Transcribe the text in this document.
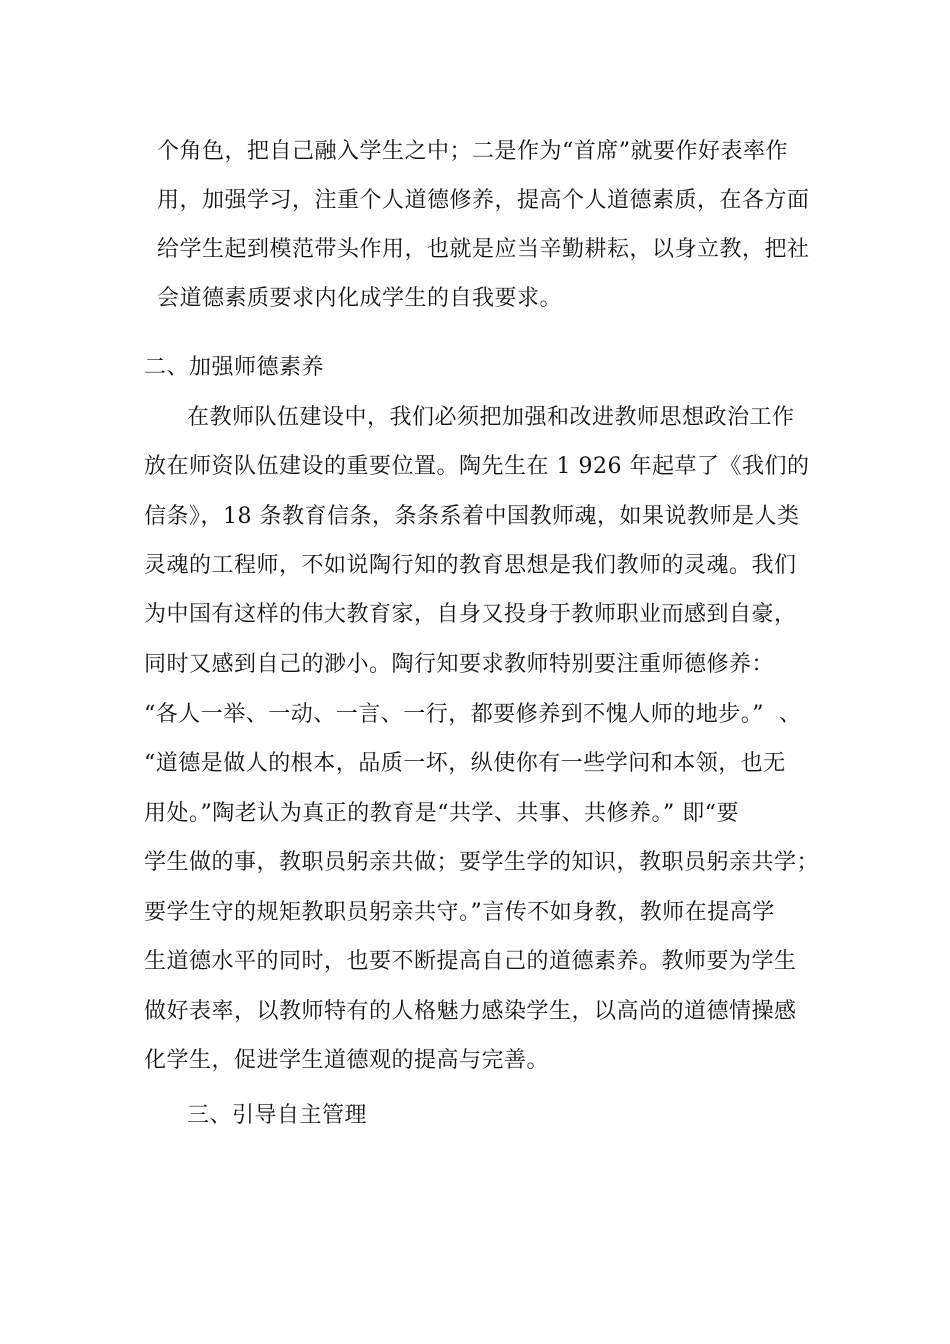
个角色，把自己融入学生之中；二是作为“首席”就要作好表率作
用，加强学习，注重个人道德修养，提高个人道德素质，在各方面
给学生起到模范带头作用，也就是应当辛勤耕耘，以身立教，把社
会道德素质要求内化成学生的自我要求。
二、加强师德素养
在教师队伍建设中，我们必须把加强和改进教师思想政治工作
放在师资队伍建设的重要位置。陶先生在 1 926 年起草了《我们的
信条》，18 条教育信条，条条系着中国教师魂，如果说教师是人类
灵魂的工程师，不如说陶行知的教育思想是我们教师的灵魂。我们
为中国有这样的伟大教育家，自身又投身于教师职业而感到自豪，
同时又感到自己的渺小。陶行知要求教师特别要注重师德修养：
“各人一举、一动、一言、一行，都要修养到不愧人师的地步。”  、
“道德是做人的根本，品质一坏，纵使你有一些学问和本领，也无
用处。”陶老认为真正的教育是“共学、共事、共修养。” 即“要
学生做的事，教职员躬亲共做；要学生学的知识，教职员躬亲共学；
要学生守的规矩教职员躬亲共守。”言传不如身教，教师在提高学
生道德水平的同时，也要不断提高自己的道德素养。教师要为学生
做好表率，以教师特有的人格魅力感染学生，以高尚的道德情操感
化学生，促进学生道德观的提高与完善。
三、引导自主管理
